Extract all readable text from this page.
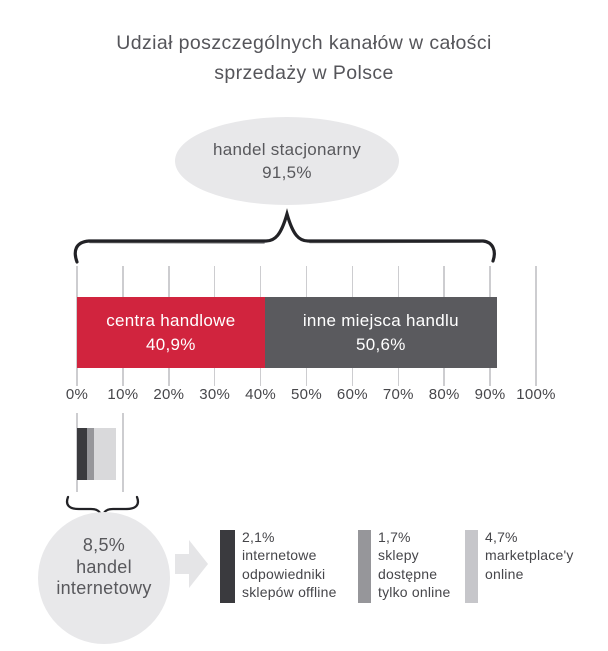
Udział poszczególnych kanałów w całości
sprzedaży w Polsce
handel stacjonarny
91,5%
0% 10% 20% 30% 40% 50% 60% 70% 80% 90% 100%
centra handlowe
40,9%
inne miejsca handlu
50,6%
8,5%
handel
internetowy
2,1%
internetowe
odpowiedniki
sklepów offline
1,7%
sklepy
dostępne
tylko online
4,7%
marketplace'y
online
